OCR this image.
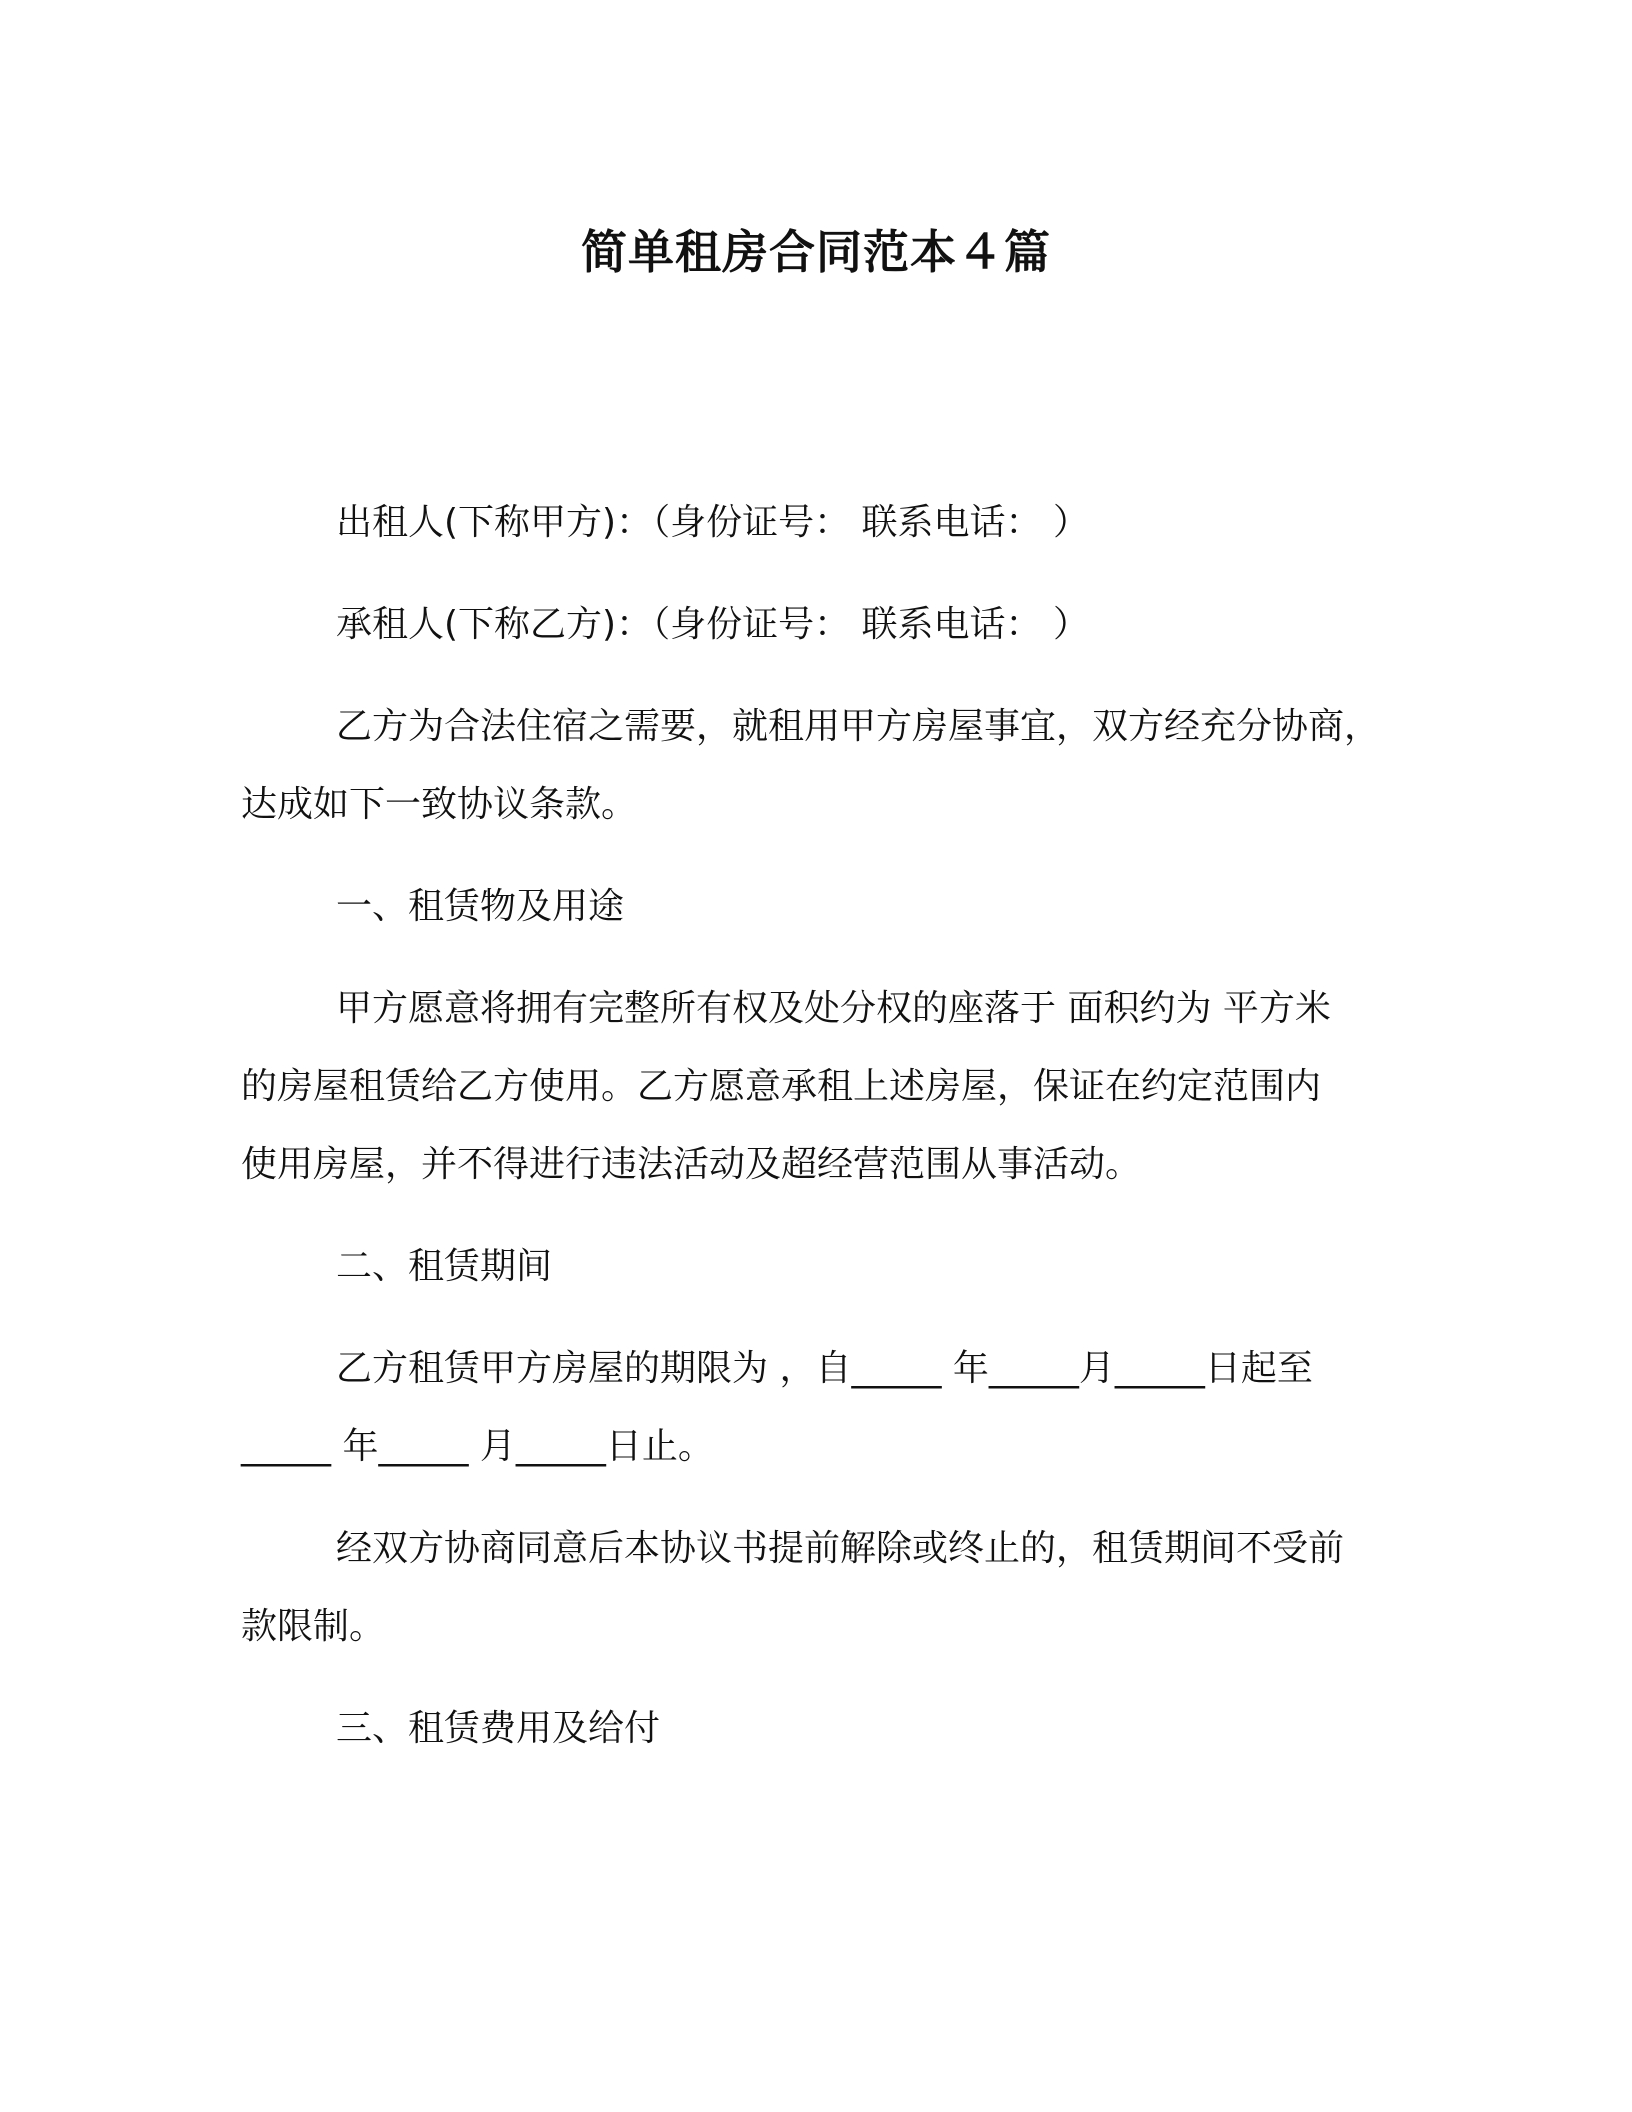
简单租房合同范本４篇

出租人(下称甲方)：（身份证号： 联系电话： ）

承租人(下称乙方)：（身份证号： 联系电话： ）

乙方为合法住宿之需要，就租用甲方房屋事宜，双方经充分协商，

达成如下一致协议条款。

一、租赁物及用途

甲方愿意将拥有完整所有权及处分权的座落于 面积约为 平方米

的房屋租赁给乙方使用。乙方愿意承租上述房屋，保证在约定范围内

使用房屋，并不得进行违法活动及超经营范围从事活动。

二、租赁期间

乙方租赁甲方房屋的期限为 ，自_____ 年_____月_____日起至

_____ 年_____ 月_____日止。

经双方协商同意后本协议书提前解除或终止的，租赁期间不受前

款限制。

三、租赁费用及给付
